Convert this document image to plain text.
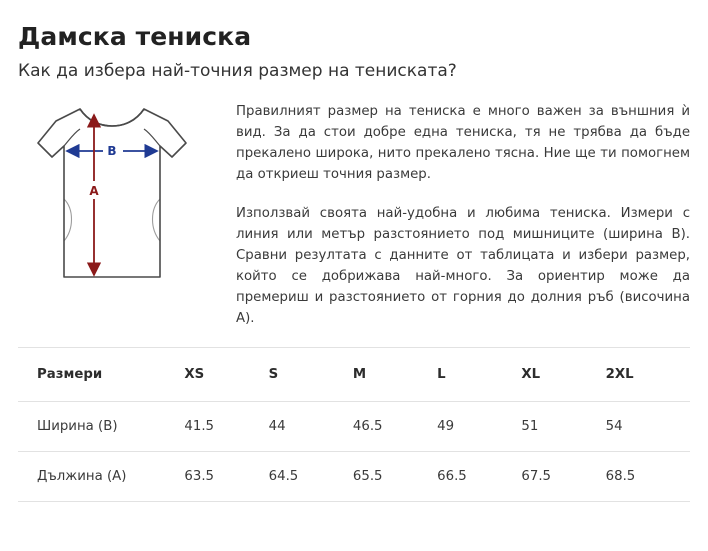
Дамска тениска
Как да избера най-точния размер на тениската?
B
A

Правилният размер на тениска е много важен за външния ѝ вид. За да стои добре една тениска, тя не трябва да бъде прекалено широка, нито прекалено тясна. Ние ще ти помогнем да откриеш точния размер.

Използвай своята най-удобна и любима тениска. Измери с линия или метър разстоянието под мишниците (ширина B). Сравни резултата с данните от таблицата и избери размер, който се добрижава най-много. За ориентир може да премериш и разстоянието от горния до долния ръб (височина A).

Размери	XS	S	M	L	XL	2XL
Ширина (B)	41.5	44	46.5	49	51	54
Дължина (A)	63.5	64.5	65.5	66.5	67.5	68.5
